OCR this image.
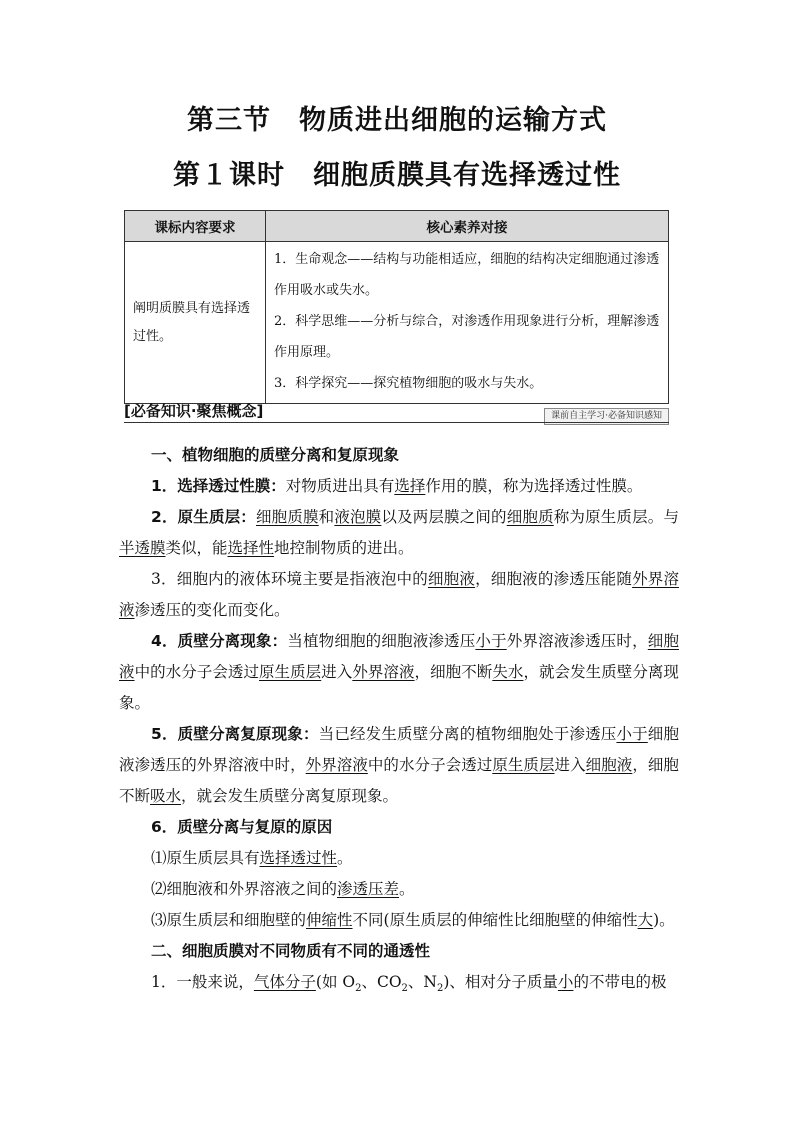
第三节　物质进出细胞的运输方式
第１课时　细胞质膜具有选择透过性
课标内容要求	核心素养对接
阐明质膜具有选择透过性。	1．生命观念——结构与功能相适应，细胞的结构决定细胞通过渗透作用吸水或失水。
2．科学思维——分析与综合，对渗透作用现象进行分析，理解渗透作用原理。
3．科学探究——探究植物细胞的吸水与失水。
[必备知识·聚焦概念]	课前自主学习·必备知识感知

一、植物细胞的质壁分离和复原现象

1．选择透过性膜：对物质进出具有选择作用的膜，称为选择透过性膜。

2．原生质层：细胞质膜和液泡膜以及两层膜之间的细胞质称为原生质层。与半透膜类似，能选择性地控制物质的进出。

3．细胞内的液体环境主要是指液泡中的细胞液，细胞液的渗透压能随外界溶液渗透压的变化而变化。

4．质壁分离现象：当植物细胞的细胞液渗透压小于外界溶液渗透压时，细胞液中的水分子会透过原生质层进入外界溶液，细胞不断失水，就会发生质壁分离现象。

5．质壁分离复原现象：当已经发生质壁分离的植物细胞处于渗透压小于细胞液渗透压的外界溶液中时，外界溶液中的水分子会透过原生质层进入细胞液，细胞不断吸水，就会发生质壁分离复原现象。

6．质壁分离与复原的原因

⑴原生质层具有选择透过性。

⑵细胞液和外界溶液之间的渗透压差。

⑶原生质层和细胞壁的伸缩性不同(原生质层的伸缩性比细胞壁的伸缩性大)。

二、细胞质膜对不同物质有不同的通透性

1．一般来说，气体分子(如 $O_2$、$CO_2$、$N_2$)、相对分子质量小的不带电的极
